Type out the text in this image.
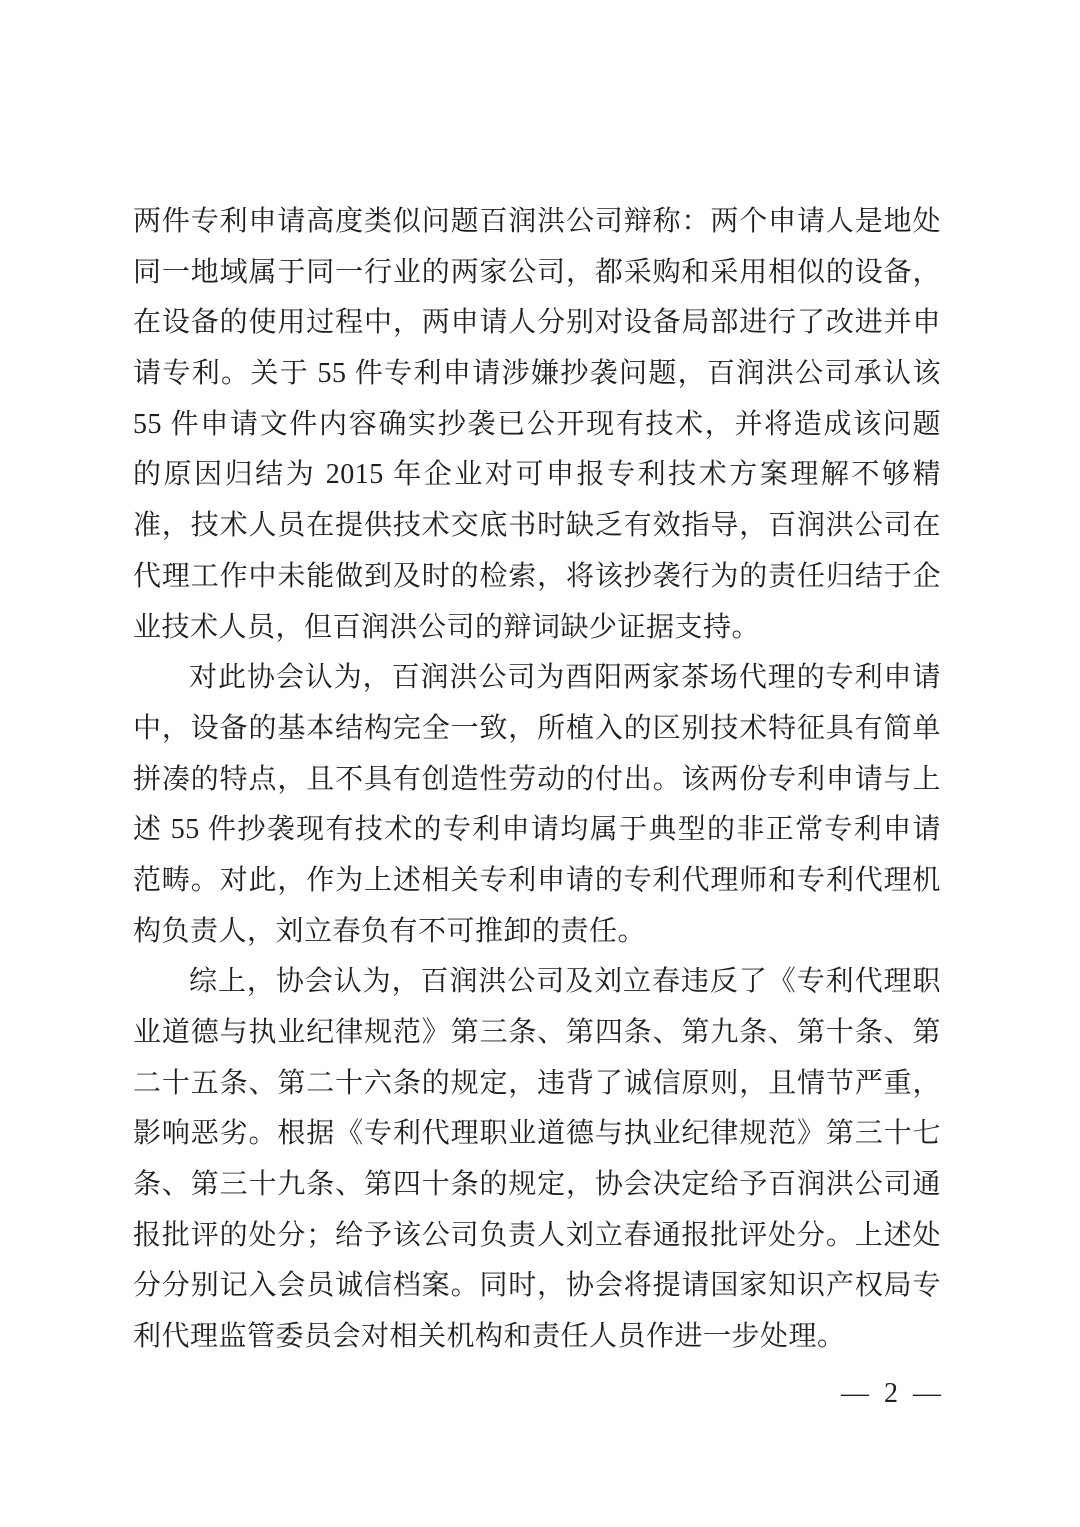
两件专利申请高度类似问题百润洪公司辩称：两个申请人是地处
同一地域属于同一行业的两家公司，都采购和采用相似的设备，
在设备的使用过程中，两申请人分别对设备局部进行了改进并申
请专利。关于 55 件专利申请涉嫌抄袭问题，百润洪公司承认该
55 件申请文件内容确实抄袭已公开现有技术，并将造成该问题
的原因归结为 2015 年企业对可申报专利技术方案理解不够精
准，技术人员在提供技术交底书时缺乏有效指导，百润洪公司在
代理工作中未能做到及时的检索，将该抄袭行为的责任归结于企
业技术人员，但百润洪公司的辩词缺少证据支持。

对此协会认为，百润洪公司为酉阳两家茶场代理的专利申请
中，设备的基本结构完全一致，所植入的区别技术特征具有简单
拼凑的特点，且不具有创造性劳动的付出。该两份专利申请与上
述 55 件抄袭现有技术的专利申请均属于典型的非正常专利申请
范畴。对此，作为上述相关专利申请的专利代理师和专利代理机
构负责人，刘立春负有不可推卸的责任。

综上，协会认为，百润洪公司及刘立春违反了《专利代理职
业道德与执业纪律规范》第三条、第四条、第九条、第十条、第
二十五条、第二十六条的规定，违背了诚信原则，且情节严重，
影响恶劣。根据《专利代理职业道德与执业纪律规范》第三十七
条、第三十九条、第四十条的规定，协会决定给予百润洪公司通
报批评的处分；给予该公司负责人刘立春通报批评处分。上述处
分分别记入会员诚信档案。同时，协会将提请国家知识产权局专
利代理监管委员会对相关机构和责任人员作进一步处理。

— 2 —
